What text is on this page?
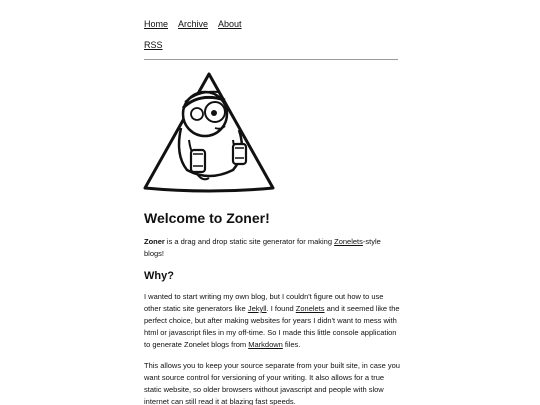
Home Archive About
RSS
Welcome to Zoner!

Zoner is a drag and drop static site generator for making Zonelets-style blogs!

Why?

I wanted to start writing my own blog, but I couldn't figure out how to use other static site generators like Jekyll. I found Zonelets and it seemed like the perfect choice, but after making websites for years I didn't want to mess with html or javascript files in my off-time. So I made this little console application to generate Zonelet blogs from Markdown files.

This allows you to keep your source separate from your built site, in case you want source control for versioning of your writing. It also allows for a true static website, so older browsers without javascript and people with slow internet can still read it at blazing fast speeds.
